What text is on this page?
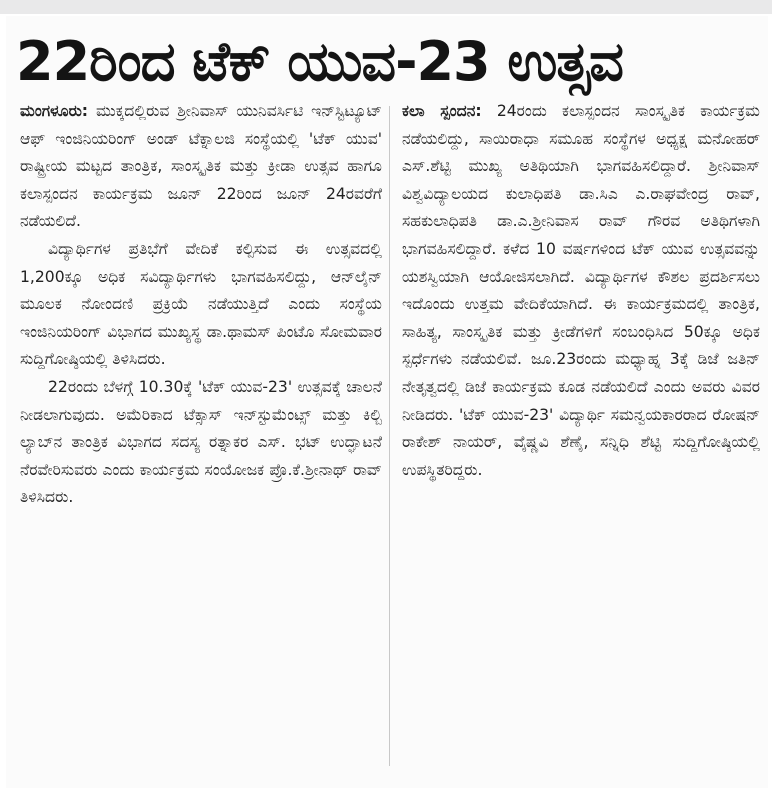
22ರಿಂದ ಟೆಕ್ ಯುವ-23 ಉತ್ಸವ

ಮಂಗಳೂರು: ಮುಕ್ಕದಲ್ಲಿರುವ ಶ್ರೀನಿವಾಸ್ ಯುನಿವರ್ಸಿಟಿ ಇನ್‌ಸ್ಟಿಟ್ಯೂಟ್ ಆಫ್ ಇಂಜಿನಿಯರಿಂಗ್ ಅಂಡ್ ಟೆಕ್ನಾಲಜಿ ಸಂಸ್ಥೆಯಲ್ಲಿ 'ಟೆಕ್ ಯುವ' ರಾಷ್ಟ್ರೀಯ ಮಟ್ಟದ ತಾಂತ್ರಿಕ, ಸಾಂಸ್ಕೃತಿಕ ಮತ್ತು ಕ್ರೀಡಾ ಉತ್ಸವ ಹಾಗೂ ಕಲಾಸ್ಪಂದನ ಕಾರ್ಯಕ್ರಮ ಜೂನ್ 22ರಿಂದ ಜೂನ್ 24ರವರೆಗೆ ನಡೆಯಲಿದೆ.

ವಿದ್ಯಾರ್ಥಿಗಳ ಪ್ರತಿಭೆಗೆ ವೇದಿಕೆ ಕಲ್ಪಿಸುವ ಈ ಉತ್ಸವದಲ್ಲಿ 1,200ಕ್ಕೂ ಅಧಿಕ ಸವಿದ್ಯಾರ್ಥಿಗಳು ಭಾಗವಹಿಸಲಿದ್ದು, ಆನ್‌ಲೈನ್ ಮೂಲಕ ನೋಂದಣಿ ಪ್ರಕ್ರಿಯೆ ನಡೆಯುತ್ತಿದೆ ಎಂದು ಸಂಸ್ಥೆಯ ಇಂಜಿನಿಯರಿಂಗ್ ವಿಭಾಗದ ಮುಖ್ಯಸ್ಥ ಡಾ.ಥಾಮಸ್ ಪಿಂಟೊ ಸೋಮವಾರ ಸುದ್ದಿಗೋಷ್ಠಿಯಲ್ಲಿ ತಿಳಿಸಿದರು.

22ರಂದು ಬೆಳಗ್ಗೆ 10.30ಕ್ಕೆ 'ಟೆಕ್ ಯುವ-23' ಉತ್ಸವಕ್ಕೆ ಚಾಲನೆ ನೀಡಲಾಗುವುದು. ಅಮೆರಿಕಾದ ಟೆಕ್ಸಾಸ್ ಇನ್‌ಸ್ಟುಮೆಂಟ್ಸ್ ಮತ್ತು ಕಿಲ್ಬಿ ಲ್ಯಾಬ್‌ನ ತಾಂತ್ರಿಕ ವಿಭಾಗದ ಸದಸ್ಯ ರತ್ನಾಕರ ಎಸ್. ಭಟ್ ಉದ್ಘಾಟನೆ ನೆರವೇರಿಸುವರು ಎಂದು ಕಾರ್ಯಕ್ರಮ ಸಂಯೋಜಕ ಪ್ರೊ.ಕೆ.ಶ್ರೀನಾಥ್ ರಾವ್ ತಿಳಿಸಿದರು.

ಕಲಾ ಸ್ಪಂದನ: 24ರಂದು ಕಲಾಸ್ಪಂದನ ಸಾಂಸ್ಕೃತಿಕ ಕಾರ್ಯಕ್ರಮ ನಡೆಯಲಿದ್ದು, ಸಾಯಿರಾಧಾ ಸಮೂಹ ಸಂಸ್ಥೆಗಳ ಅಧ್ಯಕ್ಷ ಮನೋಹರ್ ಎಸ್.ಶೆಟ್ಟಿ ಮುಖ್ಯ ಅತಿಥಿಯಾಗಿ ಭಾಗವಹಿಸಲಿದ್ದಾರೆ. ಶ್ರೀನಿವಾಸ್ ವಿಶ್ವವಿದ್ಯಾಲಯದ ಕುಲಾಧಿಪತಿ ಡಾ.ಸಿಎ ಎ.ರಾಘವೇಂದ್ರ ರಾವ್, ಸಹಕುಲಾಧಿಪತಿ ಡಾ.ಎ.ಶ್ರೀನಿವಾಸ ರಾವ್ ಗೌರವ ಅತಿಥಿಗಳಾಗಿ ಭಾಗವಹಿಸಲಿದ್ದಾರೆ. ಕಳೆದ 10 ವರ್ಷಗಳಿಂದ ಟೆಕ್ ಯುವ ಉತ್ಸವವನ್ನು ಯಶಸ್ವಿಯಾಗಿ ಆಯೋಜಿಸಲಾಗಿದೆ. ವಿದ್ಯಾರ್ಥಿಗಳ ಕೌಶಲ ಪ್ರದರ್ಶಿಸಲು ಇದೊಂದು ಉತ್ತಮ ವೇದಿಕೆಯಾಗಿದೆ. ಈ ಕಾರ್ಯಕ್ರಮದಲ್ಲಿ ತಾಂತ್ರಿಕ, ಸಾಹಿತ್ಯ, ಸಾಂಸ್ಕೃತಿಕ ಮತ್ತು ಕ್ರೀಡೆಗಳಿಗೆ ಸಂಬಂಧಿಸಿದ 50ಕ್ಕೂ ಅಧಿಕ ಸ್ಪರ್ಧೆಗಳು ನಡೆಯಲಿವೆ. ಜೂ.23ರಂದು ಮಧ್ಯಾಹ್ನ 3ಕ್ಕೆ ಡಿಜೆ ಜತಿನ್ ನೇತೃತ್ವದಲ್ಲಿ ಡಿಜೆ ಕಾರ್ಯಕ್ರಮ ಕೂಡ ನಡೆಯಲಿದೆ ಎಂದು ಅವರು ವಿವರ ನೀಡಿದರು. 'ಟೆಕ್ ಯುವ-23' ವಿದ್ಯಾರ್ಥಿ ಸಮನ್ವಯಕಾರರಾದ ರೋಷನ್ ರಾಕೇಶ್ ನಾಯರ್, ವೈಷ್ಣವಿ ಶೆಣೈ, ಸನ್ನಿಧಿ ಶೆಟ್ಟಿ ಸುದ್ದಿಗೋಷ್ಠಿಯಲ್ಲಿ ಉಪಸ್ಥಿತರಿದ್ದರು.
